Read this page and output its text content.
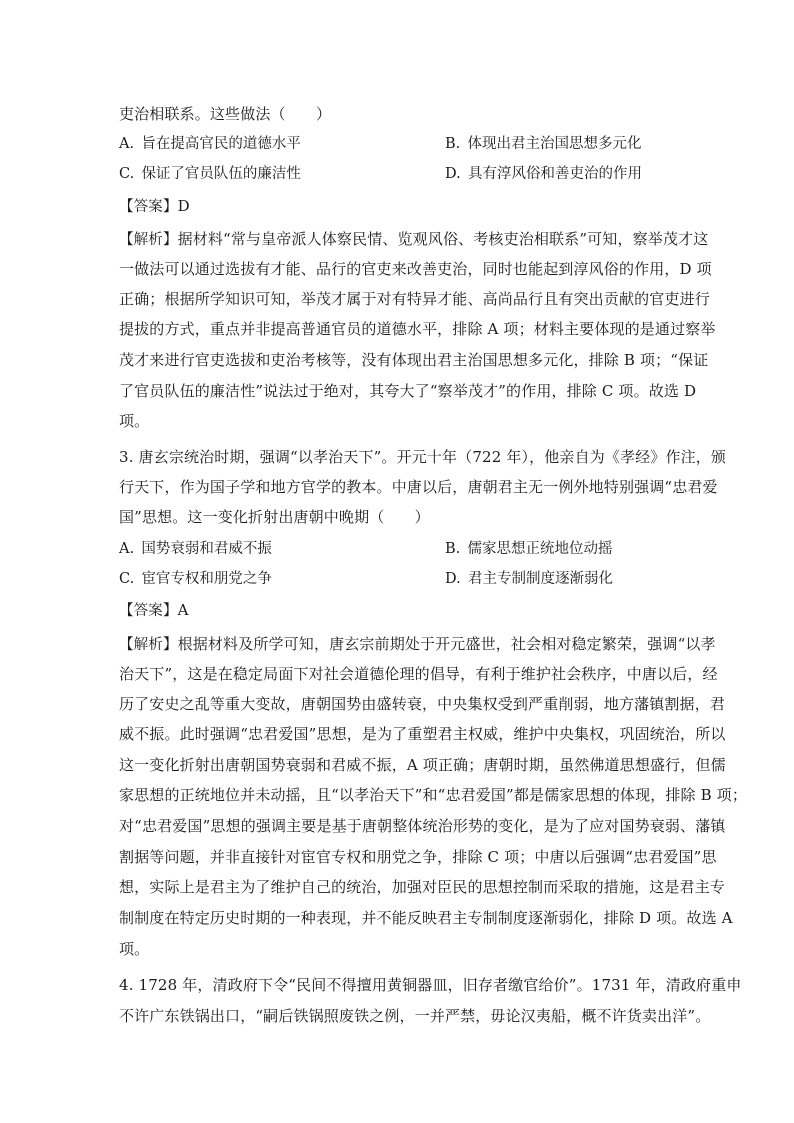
吏治相联系。这些做法（　　）
A.  旨在提高官民的道德水平	B.  体现出君主治国思想多元化
C.  保证了官员队伍的廉洁性	D.  具有淳风俗和善吏治的作用
【答案】D
【解析】据材料“常与皇帝派人体察民情、览观风俗、考核吏治相联系”可知，察举茂才这
一做法可以通过选拔有才能、品行的官吏来改善吏治，同时也能起到淳风俗的作用，D 项
正确；根据所学知识可知，举茂才属于对有特异才能、高尚品行且有突出贡献的官吏进行
提拔的方式，重点并非提高普通官员的道德水平，排除 A 项；材料主要体现的是通过察举
茂才来进行官吏选拔和吏治考核等，没有体现出君主治国思想多元化，排除 B 项；“保证
了官员队伍的廉洁性”说法过于绝对，其夸大了“察举茂才”的作用，排除 C 项。故选 D
项。
3. 唐玄宗统治时期，强调“以孝治天下”。开元十年（722 年），他亲自为《孝经》作注，颁
行天下，作为国子学和地方官学的教本。中唐以后，唐朝君主无一例外地特别强调“忠君爱
国”思想。这一变化折射出唐朝中晚期（　　）
A.  国势衰弱和君威不振	B.  儒家思想正统地位动摇
C.  宦官专权和朋党之争	D.  君主专制制度逐渐弱化
【答案】A
【解析】根据材料及所学可知，唐玄宗前期处于开元盛世，社会相对稳定繁荣，强调“以孝
治天下”，这是在稳定局面下对社会道德伦理的倡导，有利于维护社会秩序，中唐以后，经
历了安史之乱等重大变故，唐朝国势由盛转衰，中央集权受到严重削弱，地方藩镇割据，君
威不振。此时强调“忠君爱国”思想，是为了重塑君主权威，维护中央集权，巩固统治，所以
这一变化折射出唐朝国势衰弱和君威不振，A 项正确；唐朝时期，虽然佛道思想盛行，但儒
家思想的正统地位并未动摇，且“以孝治天下”和“忠君爱国”都是儒家思想的体现，排除 B 项；
对“忠君爱国”思想的强调主要是基于唐朝整体统治形势的变化，是为了应对国势衰弱、藩镇
割据等问题，并非直接针对宦官专权和朋党之争，排除 C 项；中唐以后强调“忠君爱国”思
想，实际上是君主为了维护自己的统治，加强对臣民的思想控制而采取的措施，这是君主专
制制度在特定历史时期的一种表现，并不能反映君主专制制度逐渐弱化，排除 D 项。故选 A
项。
4. 1728 年，清政府下令“民间不得擅用黄铜器皿，旧存者缴官给价”。1731 年，清政府重申
不许广东铁锅出口，“嗣后铁锅照废铁之例，一并严禁，毋论汉夷船，概不许货卖出洋”。
